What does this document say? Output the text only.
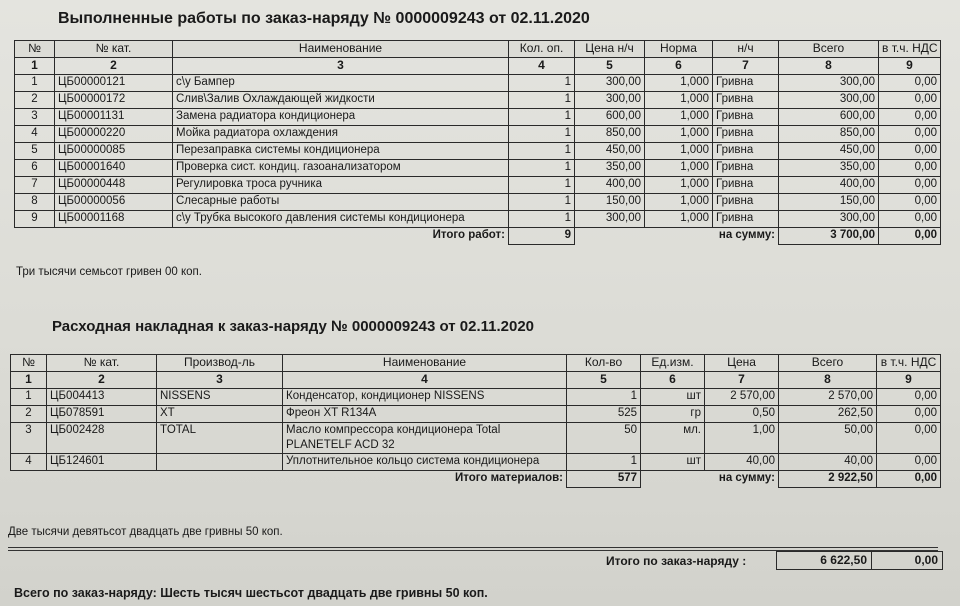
Выполненные работы по заказ-наряду № 0000009243 от 02.11.2020
№	№ кат.	Наименование	Кол. оп.	Цена н/ч	Норма	н/ч	Всего	в т.ч. НДС
1	2	3	4	5	6	7	8	9
1	ЦБ00000121	с\у Бампер	1	300,00	1,000	Гривна	300,00	0,00
2	ЦБ00000172	Слив\Залив Охлаждающей жидкости	1	300,00	1,000	Гривна	300,00	0,00
3	ЦБ00001131	Замена радиатора кондиционера	1	600,00	1,000	Гривна	600,00	0,00
4	ЦБ00000220	Мойка радиатора охлаждения	1	850,00	1,000	Гривна	850,00	0,00
5	ЦБ00000085	Перезаправка системы кондиционера	1	450,00	1,000	Гривна	450,00	0,00
6	ЦБ00001640	Проверка сист. кондиц. газоанализатором	1	350,00	1,000	Гривна	350,00	0,00
7	ЦБ00000448	Регулировка троса ручника	1	400,00	1,000	Гривна	400,00	0,00
8	ЦБ00000056	Слесарные работы	1	150,00	1,000	Гривна	150,00	0,00
9	ЦБ00001168	с\у Трубка высокого давления системы кондиционера	1	300,00	1,000	Гривна	300,00	0,00
Итого работ:			9	на сумму:			3 700,00	0,00
Три тысячи семьсот гривен 00 коп.
Расходная накладная к заказ-наряду № 0000009243 от 02.11.2020
№	№ кат.	Производ-ль	Наименование	Кол-во	Ед.изм.	Цена	Всего	в т.ч. НДС
1	2	3	4	5	6	7	8	9
1	ЦБ004413	NISSENS	Конденсатор, кондиционер NISSENS	1	шт	2 570,00	2 570,00	0,00
2	ЦБ078591	XT	Фреон XT R134A	525	гр	0,50	262,50	0,00
3	ЦБ002428	TOTAL	Масло компрессора кондиционера Total PLANETELF ACD 32	50	мл.	1,00	50,00	0,00
4	ЦБ124601		Уплотнительное кольцо система кондиционера	1	шт	40,00	40,00	0,00
Итого материалов:				577	на сумму:		2 922,50	0,00
Две тысячи девятьсот двадцать две гривны 50 коп.
Итого по заказ-наряду :	6 622,50	0,00
Всего по заказ-наряду: Шесть тысяч шестьсот двадцать две гривны 50 коп.
